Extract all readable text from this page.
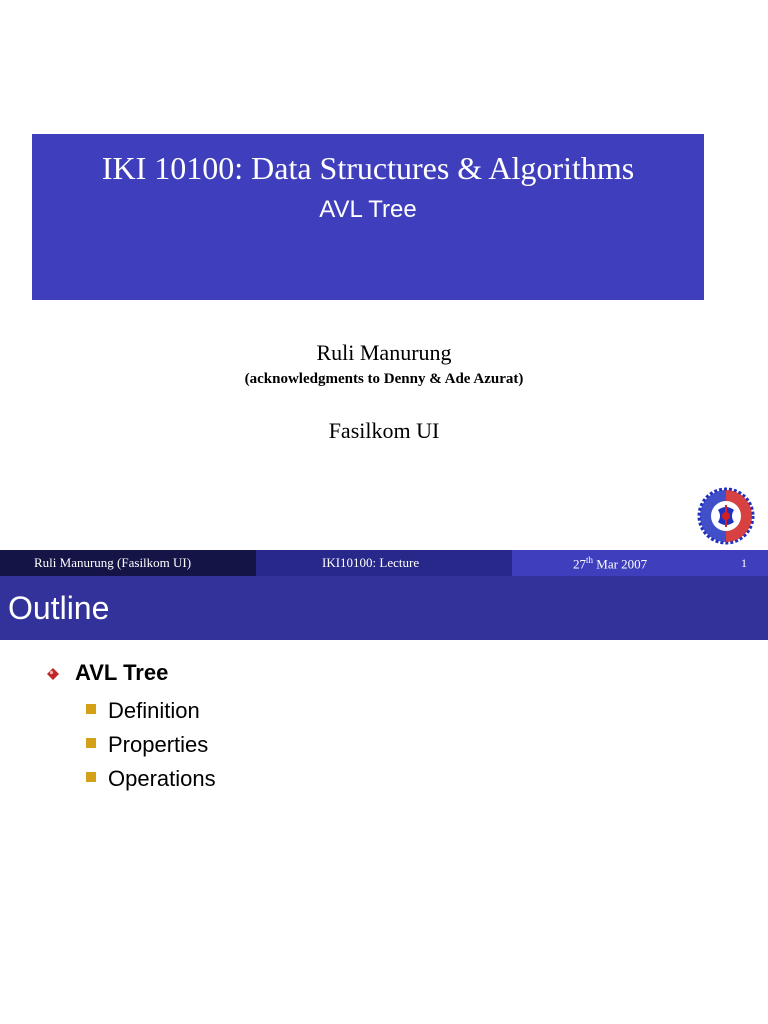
IKI 10100: Data Structures & Algorithms
AVL Tree
Ruli Manurung
(acknowledgments to Denny & Ade Azurat)
Fasilkom UI
Ruli Manurung (Fasilkom UI)	IKI10100: Lecture	27th Mar 2007	1
Outline
AVL Tree
Definition
Properties
Operations
